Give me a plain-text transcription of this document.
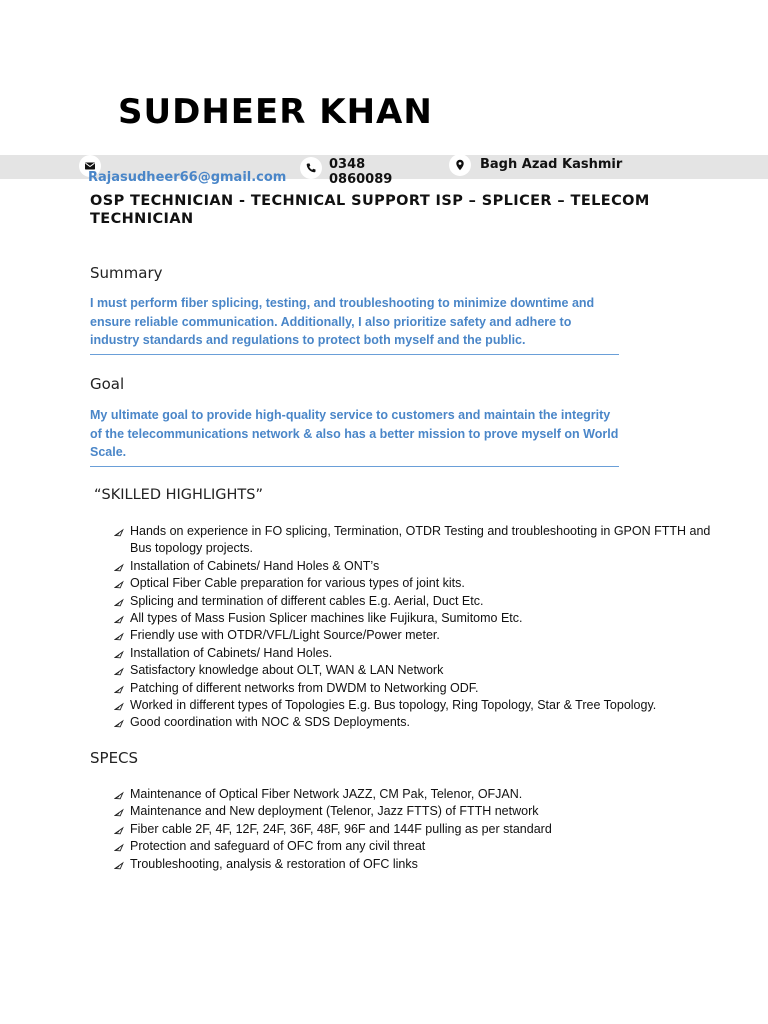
SUDHEER KHAN
Rajasudheer66@gmail.com
0348
0860089
Bagh Azad Kashmir
OSP TECHNICIAN - TECHNICAL SUPPORT ISP – SPLICER – TELECOM TECHNICIAN
Summary
I must perform fiber splicing, testing, and troubleshooting to minimize downtime and ensure reliable communication. Additionally, I also prioritize safety and adhere to industry standards and regulations to protect both myself and the public.
Goal
My ultimate goal to provide high-quality service to customers and maintain the integrity of the telecommunications network & also has a better mission to prove myself on World Scale.
“SKILLED HIGHLIGHTS”
Hands on experience in FO splicing, Termination, OTDR Testing and troubleshooting in GPON FTTH and Bus topology projects.
Installation of Cabinets/ Hand Holes & ONT’s
Optical Fiber Cable preparation for various types of joint kits.
Splicing and termination of different cables E.g. Aerial, Duct Etc.
All types of Mass Fusion Splicer machines like Fujikura, Sumitomo Etc.
Friendly use with OTDR/VFL/Light Source/Power meter.
Installation of Cabinets/ Hand Holes.
Satisfactory knowledge about OLT, WAN & LAN Network
Patching of different networks from DWDM to Networking ODF.
Worked in different types of Topologies E.g. Bus topology, Ring Topology, Star & Tree Topology.
Good coordination with NOC & SDS Deployments.
SPECS
Maintenance of Optical Fiber Network JAZZ, CM Pak, Telenor, OFJAN.
Maintenance and New deployment (Telenor, Jazz FTTS) of FTTH network
Fiber cable 2F, 4F, 12F, 24F, 36F, 48F, 96F and 144F pulling as per standard
Protection and safeguard of OFC from any civil threat
Troubleshooting, analysis & restoration of OFC links
